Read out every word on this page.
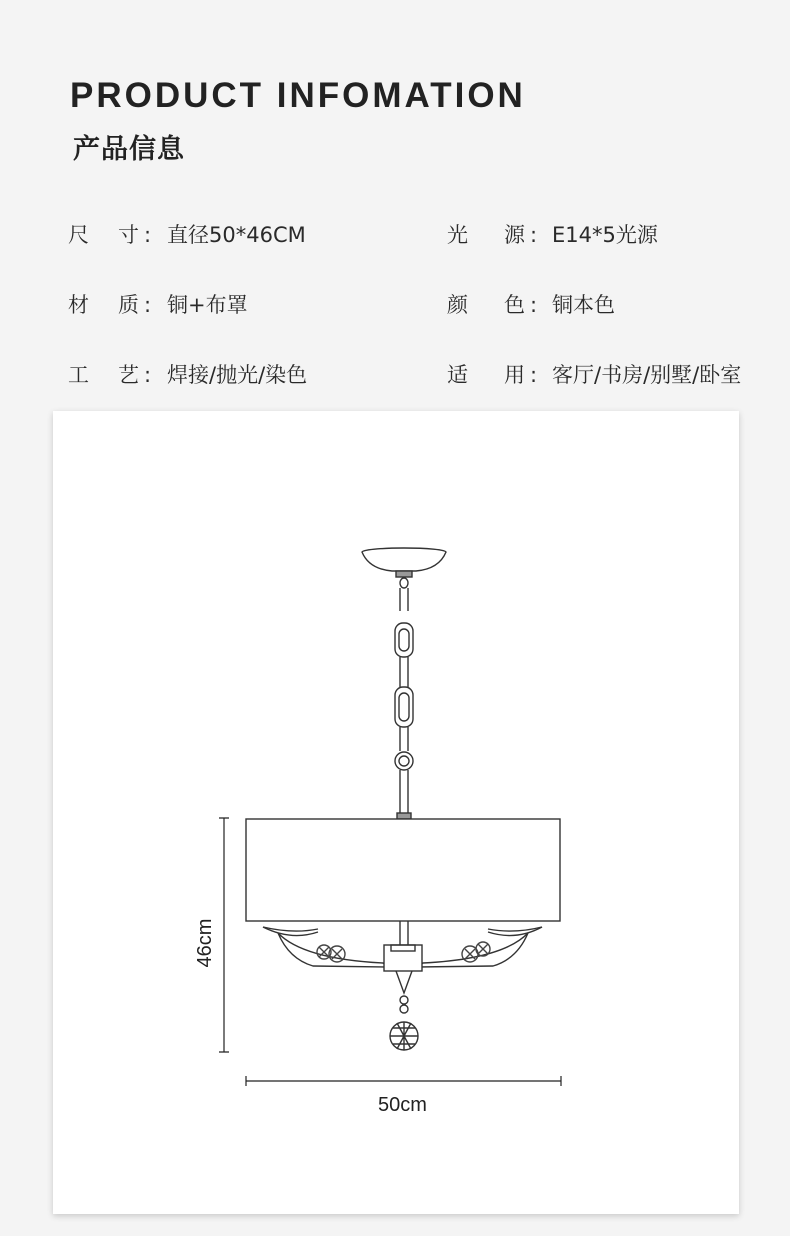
PRODUCT INFOMATION
产品信息
尺 寸 : 直径50*46CM	光 源 : E14*5光源
材 质 : 铜+布罩	颜 色 : 铜本色
工 艺 : 焊接/抛光/染色	适 用 : 客厅/书房/别墅/卧室
46cm
50cm
